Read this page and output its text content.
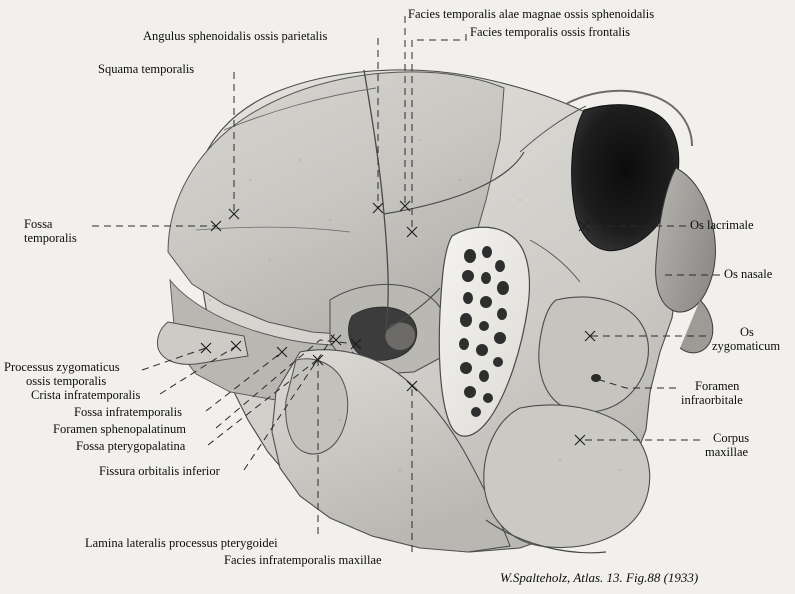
Facies temporalis alae magnae ossis sphenoidalis
Facies temporalis ossis frontalis
Angulus sphenoidalis ossis parietalis
Squama temporalis
Fossa
temporalis
Processus zygomaticus
ossis temporalis
Crista infratemporalis
Fossa infratemporalis
Foramen sphenopalatinum
Fossa pterygopalatina
Fissura orbitalis inferior
Os lacrimale
Os nasale
Os
zygomaticum
Foramen
infraorbitale
Corpus
maxillae
Lamina lateralis processus pterygoidei
Facies infratemporalis maxillae
W.Spalteholz, Atlas. 13. Fig.88 (1933)
